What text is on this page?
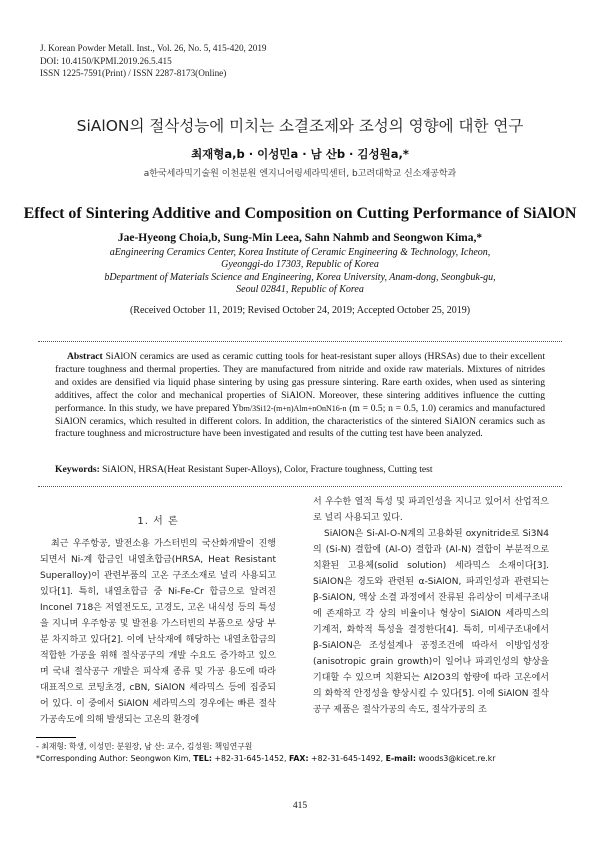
J. Korean Powder Metall. Inst., Vol. 26, No. 5, 415-420, 2019
DOI: 10.4150/KPMI.2019.26.5.415
ISSN 1225-7591(Print) / ISSN 2287-8173(Online)
SiAlON의 절삭성능에 미치는 소결조제와 조성의 영향에 대한 연구
최재형a,b · 이성민a · 남 산b · 김성원a,*
a한국세라믹기술원 이천분원 엔지니어링세라믹센터, b고려대학교 신소재공학과
Effect of Sintering Additive and Composition on Cutting Performance of SiAlON
Jae-Hyeong Choia,b, Sung-Min Leea, Sahn Nahmb and Seongwon Kima,*
aEngineering Ceramics Center, Korea Institute of Ceramic Engineering & Technology, Icheon,
Gyeonggi-do 17303, Republic of Korea
bDepartment of Materials Science and Engineering, Korea University, Anam-dong, Seongbuk-gu,
Seoul 02841, Republic of Korea
(Received October 11, 2019; Revised October 24, 2019; Accepted October 25, 2019)
Abstract SiAlON ceramics are used as ceramic cutting tools for heat-resistant super alloys (HRSAs) due to their excellent fracture toughness and thermal properties. They are manufactured from nitride and oxide raw materials. Mixtures of nitrides and oxides are densified via liquid phase sintering by using gas pressure sintering. Rare earth oxides, when used as sintering additives, affect the color and mechanical properties of SiAlON. Moreover, these sintering additives influence the cutting performance. In this study, we have prepared Ybm/3Si12-(m+n)Alm+nOnN16-n (m = 0.5; n = 0.5, 1.0) ceramics and manufactured SiAlON ceramics, which resulted in different colors. In addition, the characteristics of the sintered SiAlON ceramics such as fracture toughness and microstructure have been investigated and results of the cutting test have been analyzed.
Keywords: SiAlON, HRSA(Heat Resistant Super-Alloys), Color, Fracture toughness, Cutting test

1. 서 론

최근 우주항공, 발전소용 가스터빈의 국산화개발이 진행되면서 Ni-계 합금인 내열초합금(HRSA, Heat Resistant Superalloy)이 관련부품의 고온 구조소재로 널리 사용되고 있다[1]. 특히, 내열초합금 중 Ni-Fe-Cr 합금으로 알려진 Inconel 718은 저열전도도, 고경도, 고온 내식성 등의 특성을 지니며 우주항공 및 발전용 가스터빈의 부품으로 상당 부분 차지하고 있다[2]. 이에 난삭재에 해당하는 내열초합금의 적합한 가공을 위해 절삭공구의 개발 수요도 증가하고 있으며 국내 절삭공구 개발은 피삭재 종류 및 가공 용도에 따라 대표적으로 코팅초경, cBN, SiAlON 세라믹스 등에 집중되어 있다. 이 중에서 SiAlON 세라믹스의 경우에는 빠른 절삭가공속도에 의해 발생되는 고온의 환경에

서 우수한 열적 특성 및 파괴인성을 지니고 있어서 산업적으로 널리 사용되고 있다.

SiAlON은 Si-Al-O-N계의 고용화된 oxynitride로 Si3N4의 (Si-N) 결합에 (Al-O) 결합과 (Al-N) 결합이 부분적으로 치환된 고용체(solid solution) 세라믹스 소재이다[3]. SiAlON은 경도와 관련된 α-SiAlON, 파괴인성과 관련되는 β-SiAlON, 액상 소결 과정에서 잔류된 유리상이 미세구조내에 존재하고 각 상의 비율이나 형상이 SiAlON 세라믹스의 기계적, 화학적 특성을 결정한다[4]. 특히, 미세구조내에서 β-SiAlON은 조성설계나 공정조건에 따라서 이방입성장(anisotropic grain growth)이 일어나 파괴인성의 향상을 기대할 수 있으며 치환되는 Al2O3의 함량에 따라 고온에서의 화학적 안정성을 향상시킬 수 있다[5]. 이에 SiAlON 절삭공구 제품은 절삭가공의 속도, 절삭가공의 조

- 최재형: 학생, 이성민: 분원장, 남 산: 교수, 김성원: 책임연구원
*Corresponding Author: Seongwon Kim, TEL: +82-31-645-1452, FAX: +82-31-645-1492, E-mail: woods3@kicet.re.kr
415
